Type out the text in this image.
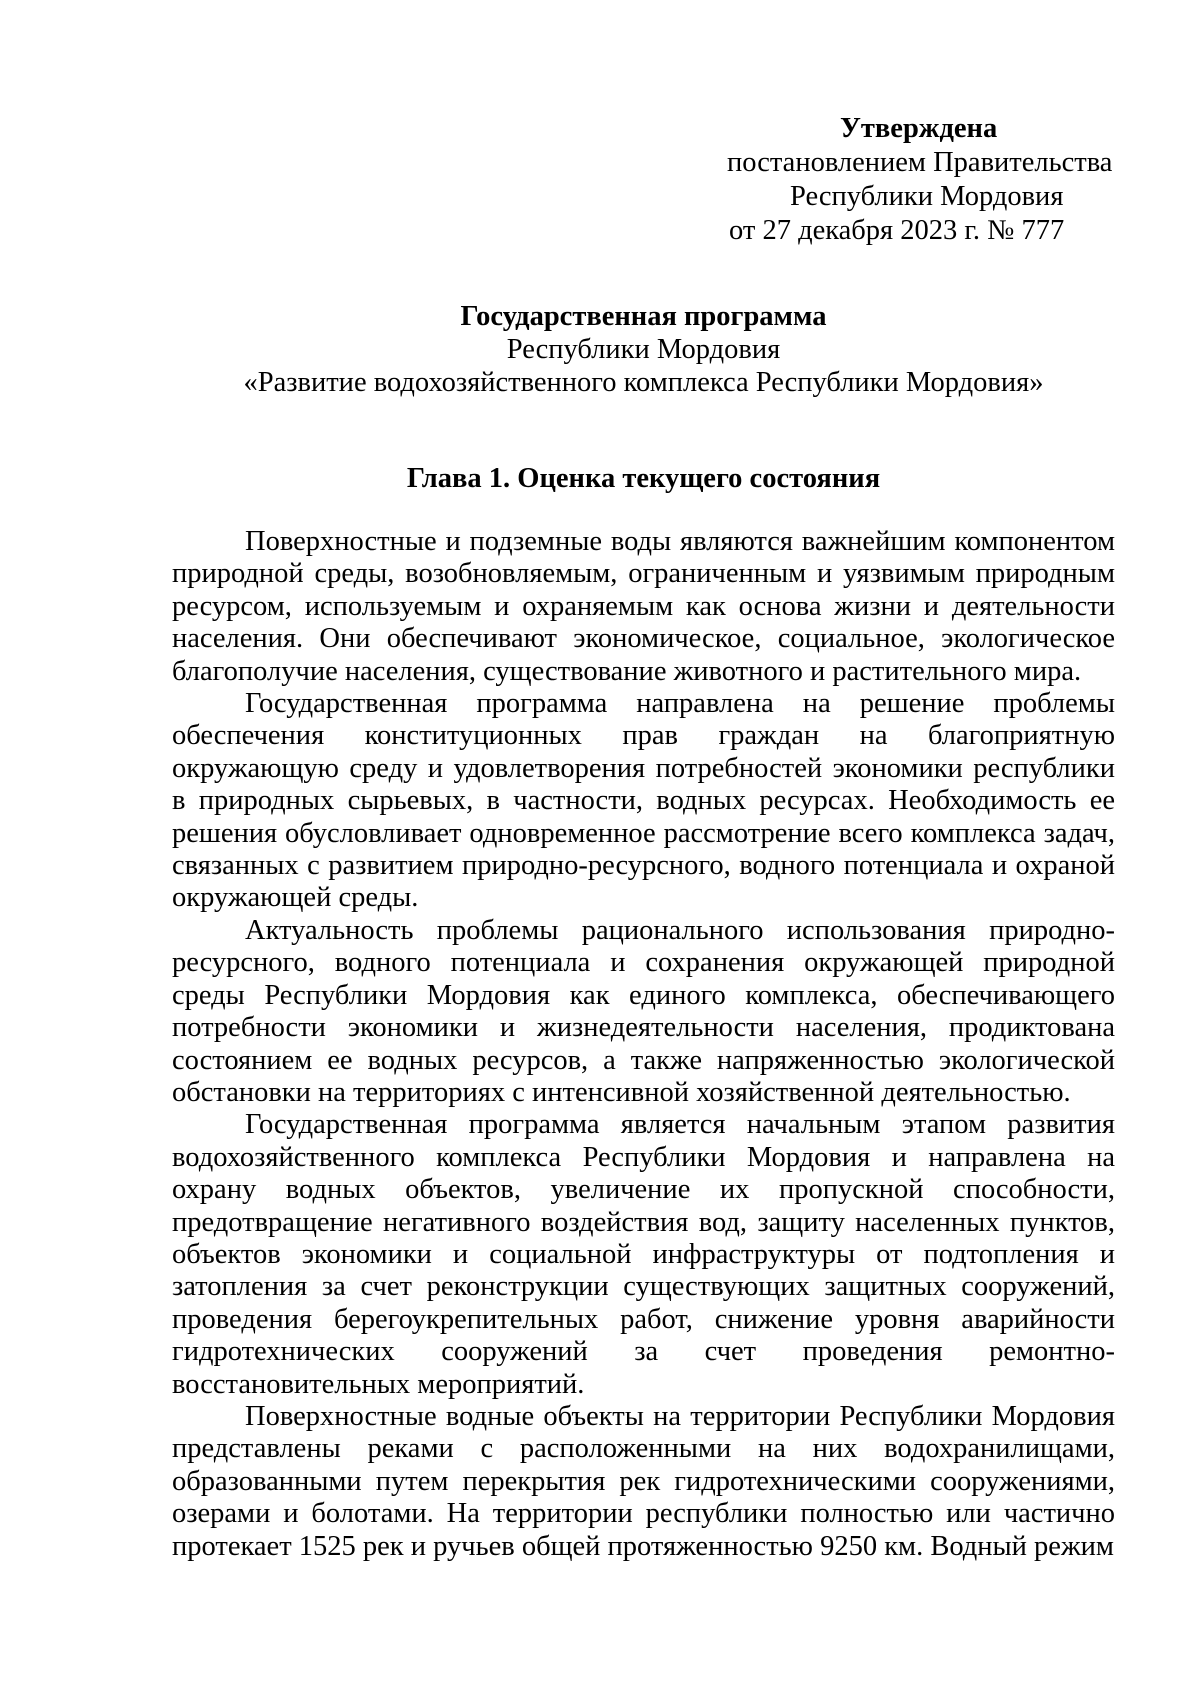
Утверждена
постановлением Правительства
Республики Мордовия
от 27 декабря 2023 г. № 777
Государственная программа
Республики Мордовия
«Развитие водохозяйственного комплекса Республики Мордовия»
Глава 1. Оценка текущего состояния

Поверхностные и подземные воды являются важнейшим компонентом природной среды, возобновляемым, ограниченным и уязвимым природным ресурсом, используемым и охраняемым как основа жизни и деятельности населения. Они обеспечивают экономическое, социальное, экологическое благополучие населения, существование животного и растительного мира.

Государственная программа направлена на решение проблемы обеспечения конституционных прав граждан на благоприятную окружающую среду и удовлетворения потребностей экономики республики в природных сырьевых, в частности, водных ресурсах. Необходимость ее решения обусловливает одновременное рассмотрение всего комплекса задач, связанных с развитием природно-ресурсного, водного потенциала и охраной окружающей среды.

Актуальность проблемы рационального использования природно-ресурсного, водного потенциала и сохранения окружающей природной среды Республики Мордовия как единого комплекса, обеспечивающего потребности экономики и жизнедеятельности населения, продиктована состоянием ее водных ресурсов, а также напряженностью экологической обстановки на территориях с интенсивной хозяйственной деятельностью.

Государственная программа является начальным этапом развития водохозяйственного комплекса Республики Мордовия и направлена на охрану водных объектов, увеличение их пропускной способности, предотвращение негативного воздействия вод, защиту населенных пунктов, объектов экономики и социальной инфраструктуры от подтопления и затопления за счет реконструкции существующих защитных сооружений, проведения берегоукрепительных работ, снижение уровня аварийности гидротехнических сооружений за счет проведения ремонтно-восстановительных мероприятий.

Поверхностные водные объекты на территории Республики Мордовия представлены реками с расположенными на них водохранилищами, образованными путем перекрытия рек гидротехническими сооружениями, озерами и болотами. На территории республики полностью или частично протекает 1525 рек и ручьев общей протяженностью 9250 км. Водный режим
